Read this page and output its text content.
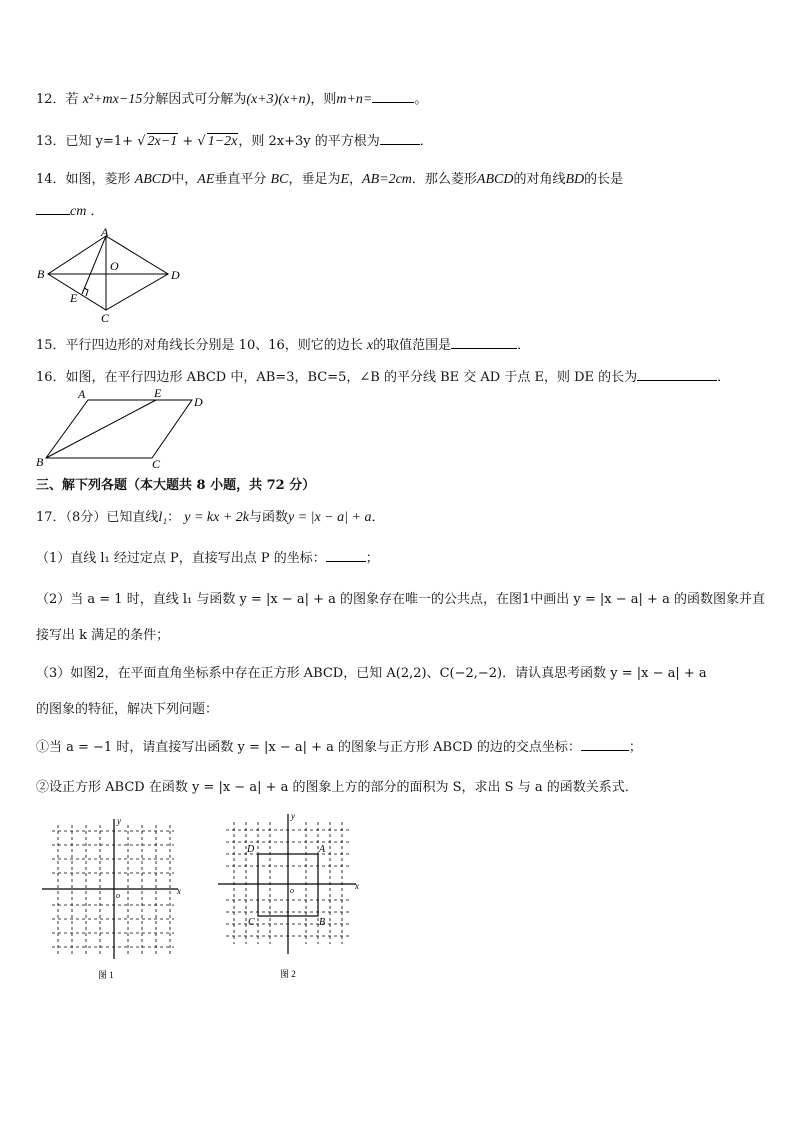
12．若 x²+mx−15分解因式可分解为(x+3)(x+n)，则m+n=	。
13．已知 y=1+ √ 2x−1 + √ 1−2x，则 2x+3y 的平方根为	．
14．如图，菱形 ABCD中，AE垂直平分 BC，垂足为E，AB=2cm．那么菱形ABCD的对角线BD的长是
cm ．
A
B	D
C
E
O
15．平行四边形的对角线长分别是 10、16，则它的边长 x的取值范围是	．
16．如图，在平行四边形 ABCD 中，AB=3，BC=5，∠B 的平分线 BE 交 AD 于点 E，则 DE 的长为	．
A	E
D
B	C
三、解下列各题（本大题共 8 小题，共 72 分）
17．（8分）已知直线l₁： y = kx + 2k与函数y = |x − a| + a．
（1）直线 l₁ 经过定点 P，直接写出点 P 的坐标：	；
（2）当 a = 1 时，直线 l₁ 与函数 y = |x − a| + a 的图象存在唯一的公共点，在图1中画出 y = |x − a| + a 的函数图象并直
接写出 k 满足的条件；
（3）如图2，在平面直角坐标系中存在正方形 ABCD，已知 A(2,2)、C(−2,−2)．请认真思考函数 y = |x − a| + a
的图象的特征，解决下列问题：
①当 a = −1 时，请直接写出函数 y = |x − a| + a 的图象与正方形 ABCD 的边的交点坐标：	；
②设正方形 ABCD 在函数 y = |x − a| + a 的图象上方的部分的面积为 S，求出 S 与 a 的函数关系式．
x
y
o
图 1
x
y
o
D	A
C	B
图 2
